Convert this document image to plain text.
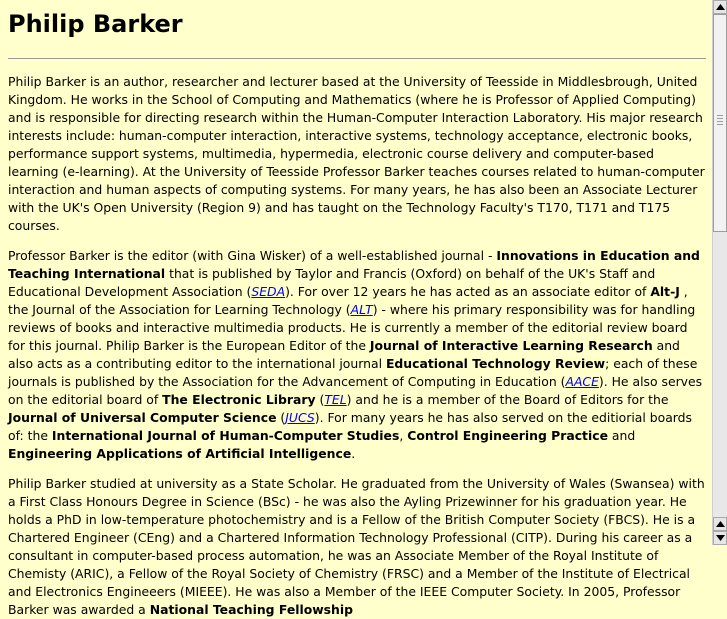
Philip Barker

Philip Barker is an author, researcher and lecturer based at the University of Teesside in Middlesbrough, United Kingdom. He works in the School of Computing and Mathematics (where he is Professor of Applied Computing) and is responsible for directing research within the Human-Computer Interaction Laboratory. His major research interests include: human-computer interaction, interactive systems, technology acceptance, electronic books, performance support systems, multimedia, hypermedia, electronic course delivery and computer-based learning (e-learning). At the University of Teesside Professor Barker teaches courses related to human-computer interaction and human aspects of computing systems. For many years, he has also been an Associate Lecturer with the UK's Open University (Region 9) and has taught on the Technology Faculty's T170, T171 and T175 courses.

Professor Barker is the editor (with Gina Wisker) of a well-established journal - Innovations in Education and Teaching International that is published by Taylor and Francis (Oxford) on behalf of the UK's Staff and Educational Development Association (SEDA). For over 12 years he has acted as an associate editor of Alt-J , the Journal of the Association for Learning Technology (ALT) - where his primary responsibility was for handling reviews of books and interactive multimedia products. He is currently a member of the editorial review board for this journal. Philip Barker is the European Editor of the Journal of Interactive Learning Research and also acts as a contributing editor to the international journal Educational Technology Review; each of these journals is published by the Association for the Advancement of Computing in Education (AACE). He also serves on the editorial board of The Electronic Library (TEL) and he is a member of the Board of Editors for the Journal of Universal Computer Science (JUCS). For many years he has also served on the editiorial boards of: the International Journal of Human-Computer Studies, Control Engineering Practice and Engineering Applications of Artificial Intelligence.

Philip Barker studied at university as a State Scholar. He graduated from the University of Wales (Swansea) with a First Class Honours Degree in Science (BSc) - he was also the Ayling Prizewinner for his graduation year. He holds a PhD in low-temperature photochemistry and is a Fellow of the British Computer Society (FBCS). He is a Chartered Engineer (CEng) and a Chartered Information Technology Professional (CITP). During his career as a consultant in computer-based process automation, he was an Associate Member of the Royal Institute of Chemisty (ARIC), a Fellow of the Royal Society of Chemistry (FRSC) and a Member of the Institute of Electrical and Electronics Engineeers (MIEEE). He was also a Member of the IEEE Computer Society. In 2005, Professor Barker was awarded a National Teaching Fellowship
